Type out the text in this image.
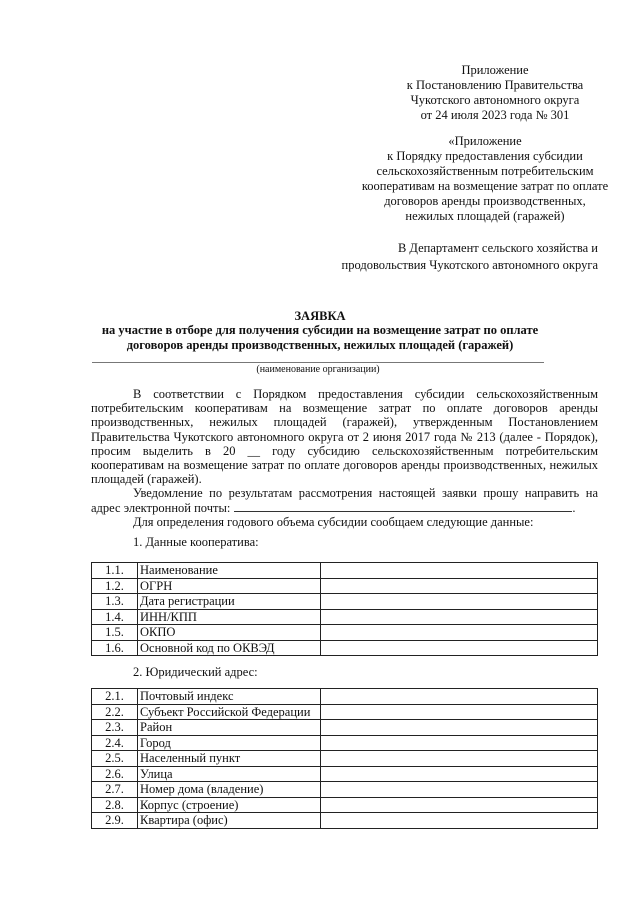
Приложение
к Постановлению Правительства
Чукотского автономного округа
от 24 июля 2023 года № 301
«Приложение
к Порядку предоставления субсидии
сельскохозяйственным потребительским
кооперативам на возмещение затрат по оплате
договоров аренды производственных,
нежилых площадей (гаражей)
В Департамент сельского хозяйства и
продовольствия Чукотского автономного округа
ЗАЯВКА
на участие в отборе для получения субсидии на возмещение затрат по оплате
договоров аренды производственных, нежилых площадей (гаражей)
(наименование организации)

В соответствии с Порядком предоставления субсидии сельскохозяйственным потребительским кооперативам на возмещение затрат по оплате договоров аренды производственных, нежилых площадей (гаражей), утвержденным Постановлением Правительства Чукотского автономного округа от 2 июня 2017 года № 213 (далее - Порядок), просим выделить в 20 __ году субсидию сельскохозяйственным потребительским кооперативам на возмещение затрат по оплате договоров аренды производственных, нежилых площадей (гаражей).

Уведомление по результатам рассмотрения настоящей заявки прошу направить на адрес электронной почты:	.

Для определения годового объема субсидии сообщаем следующие данные:

1. Данные кооператива:
1.1.	Наименование	
1.2.	ОГРН	
1.3.	Дата регистрации	
1.4.	ИНН/КПП	
1.5.	ОКПО	
1.6.	Основной код по ОКВЭД	
2. Юридический адрес:
2.1.	Почтовый индекс	
2.2.	Субъект Российской Федерации	
2.3.	Район	
2.4.	Город	
2.5.	Населенный пункт	
2.6.	Улица	
2.7.	Номер дома (владение)	
2.8.	Корпус (строение)	
2.9.	Квартира (офис)	
